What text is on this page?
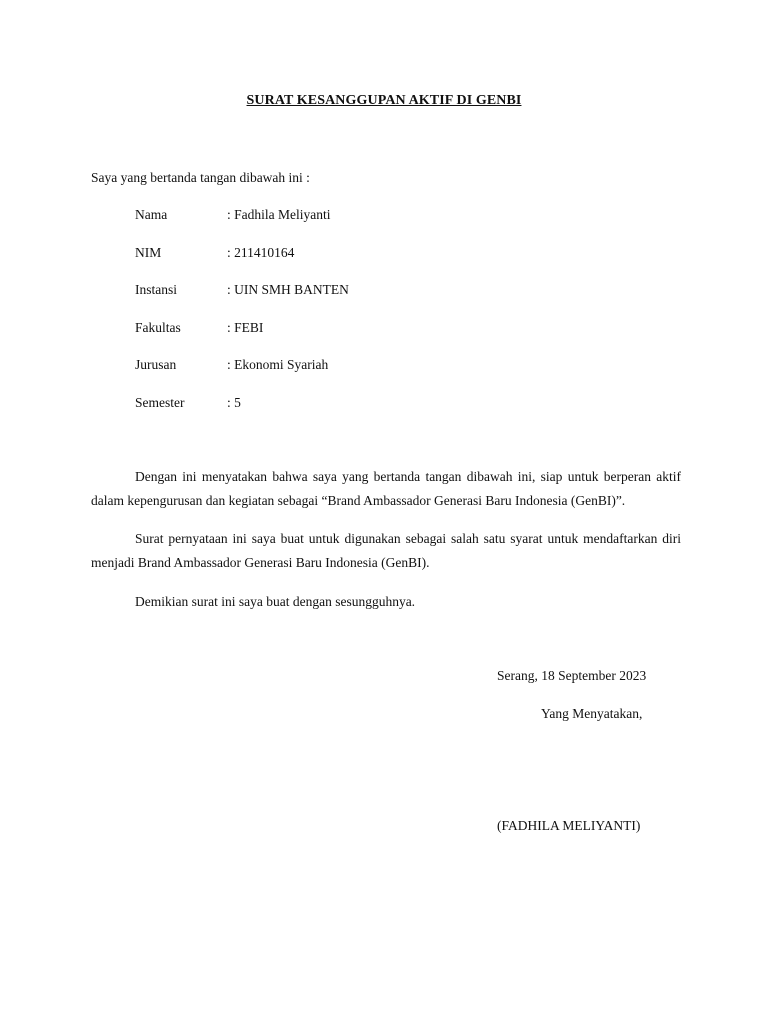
SURAT KESANGGUPAN AKTIF DI GENBI
Saya yang bertanda tangan dibawah ini :
Nama	: Fadhila Meliyanti
NIM	: 211410164
Instansi	: UIN SMH BANTEN
Fakultas	: FEBI
Jurusan	: Ekonomi Syariah
Semester	: 5
Dengan ini menyatakan bahwa saya yang bertanda tangan dibawah ini, siap untuk berperan aktif dalam kepengurusan dan kegiatan sebagai “Brand Ambassador Generasi Baru Indonesia (GenBI)”.
Surat pernyataan ini saya buat untuk digunakan sebagai salah satu syarat untuk mendaftarkan diri menjadi Brand Ambassador Generasi Baru Indonesia (GenBI).
Demikian surat ini saya buat dengan sesungguhnya.
Serang, 18 September 2023
Yang Menyatakan,
(FADHILA MELIYANTI)
